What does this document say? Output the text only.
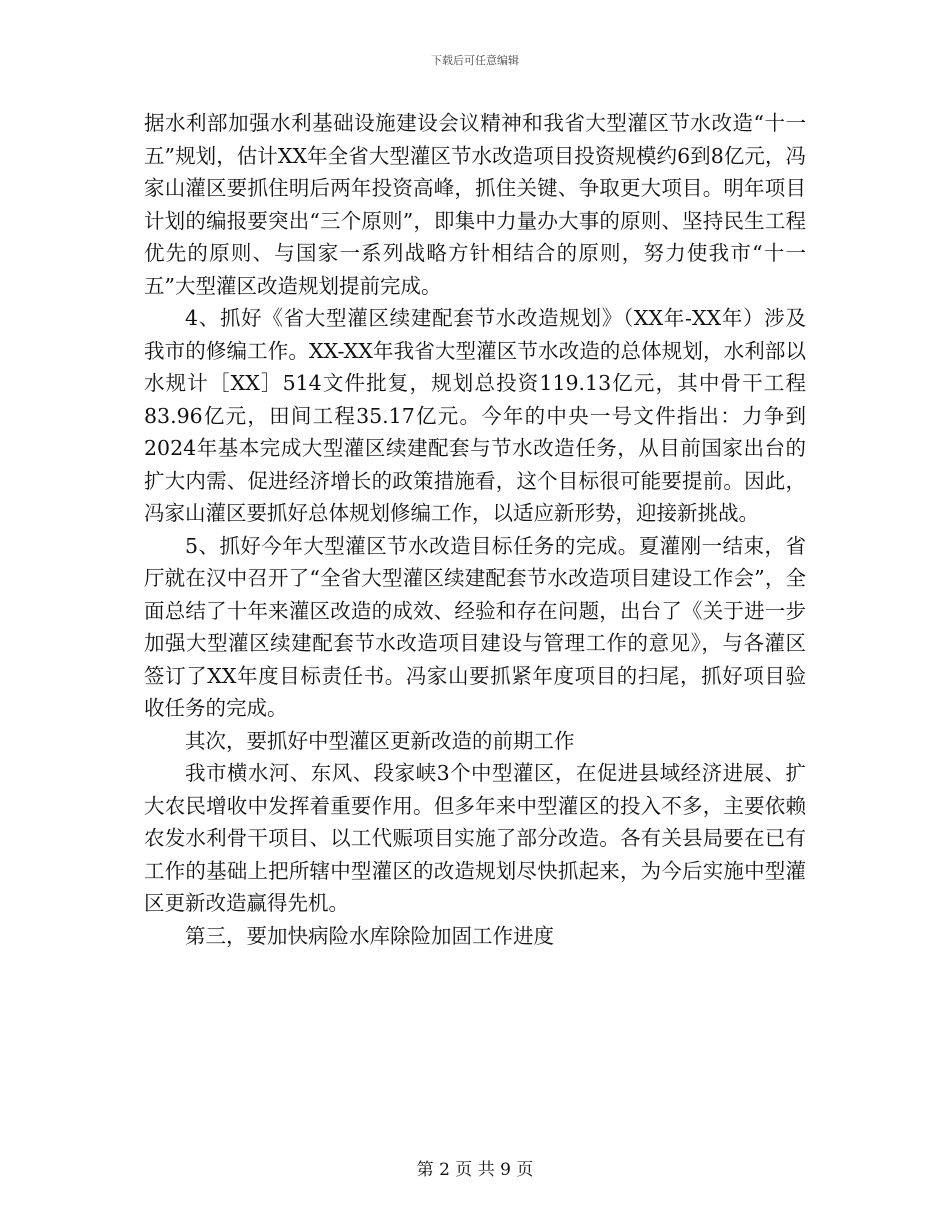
下载后可任意编辑

据水利部加强水利基础设施建设会议精神和我省大型灌区节水改造“十一五”规划，估计XX年全省大型灌区节水改造项目投资规模约6到8亿元，冯家山灌区要抓住明后两年投资高峰，抓住关键、争取更大项目。明年项目计划的编报要突出“三个原则”，即集中力量办大事的原则、坚持民生工程优先的原则、与国家一系列战略方针相结合的原则，努力使我市“十一五”大型灌区改造规划提前完成。

4、抓好《省大型灌区续建配套节水改造规划》（XX年-XX年）涉及我市的修编工作。XX-XX年我省大型灌区节水改造的总体规划，水利部以水规计［XX］514文件批复，规划总投资119.13亿元，其中骨干工程83.96亿元，田间工程35.17亿元。今年的中央一号文件指出：力争到2024年基本完成大型灌区续建配套与节水改造任务，从目前国家出台的扩大内需、促进经济增长的政策措施看，这个目标很可能要提前。因此，冯家山灌区要抓好总体规划修编工作，以适应新形势，迎接新挑战。

5、抓好今年大型灌区节水改造目标任务的完成。夏灌刚一结束，省厅就在汉中召开了“全省大型灌区续建配套节水改造项目建设工作会”，全面总结了十年来灌区改造的成效、经验和存在问题，出台了《关于进一步加强大型灌区续建配套节水改造项目建设与管理工作的意见》，与各灌区签订了XX年度目标责任书。冯家山要抓紧年度项目的扫尾，抓好项目验收任务的完成。

其次，要抓好中型灌区更新改造的前期工作

我市横水河、东风、段家峡3个中型灌区，在促进县域经济进展、扩大农民增收中发挥着重要作用。但多年来中型灌区的投入不多，主要依赖农发水利骨干项目、以工代赈项目实施了部分改造。各有关县局要在已有工作的基础上把所辖中型灌区的改造规划尽快抓起来，为今后实施中型灌区更新改造赢得先机。

第三，要加快病险水库除险加固工作进度

第 2 页 共 9 页
